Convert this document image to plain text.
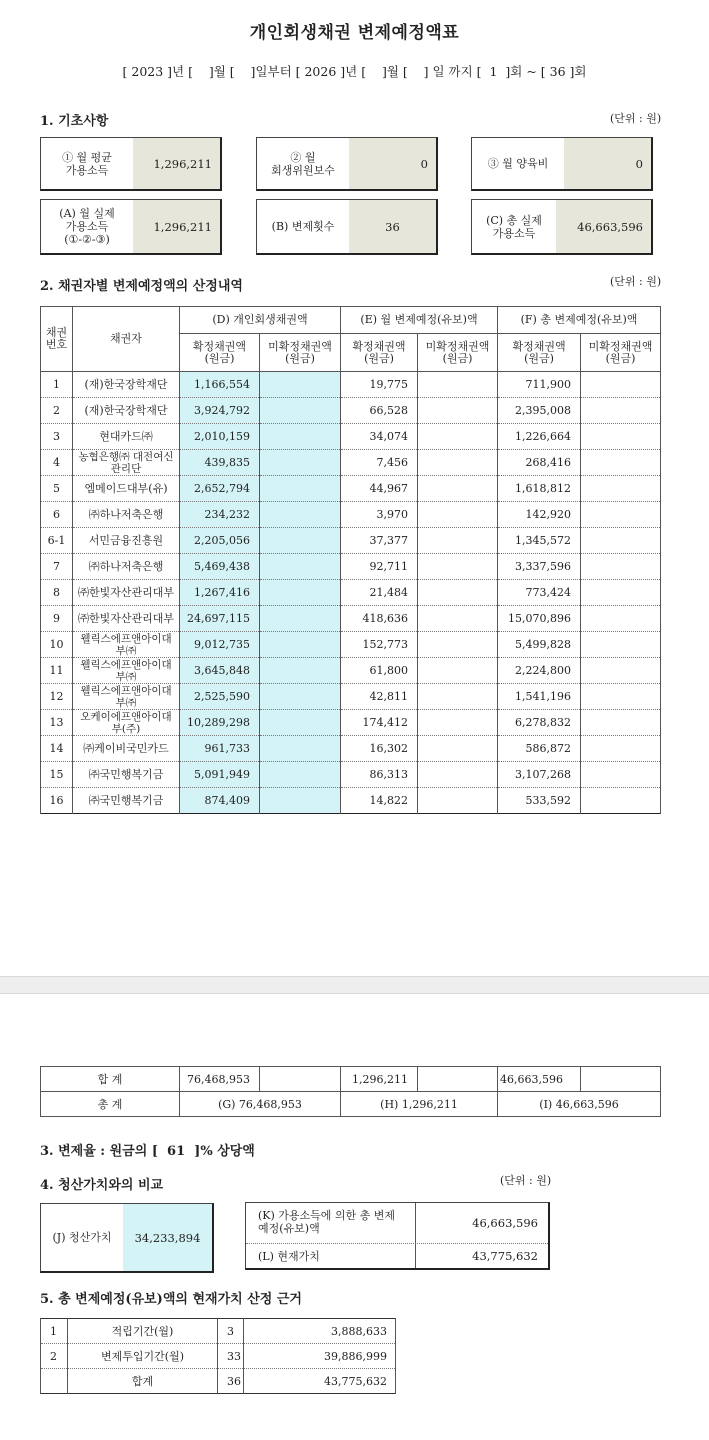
개인회생채권 변제예정액표
[ 2023 ]년 [    ]월 [    ]일부터 [ 2026 ]년 [    ]월 [    ] 일 까지 [  1  ]회 ~ [ 36 ]회
1. 기초사항	(단위 : 원)
① 월 평균
가용소득	1,296,211	② 월
회생위원보수	0	③ 월 양육비	0
(A) 월 실제
가용소득
(①-②-③)
1,296,211	(B) 변제횟수	36	(C) 총 실제
가용소득	46,663,596
2. 채권자별 변제예정액의 산정내역	(단위 : 원)
채권
번호	채권자	(D) 개인회생채권액		(E) 월 변제예정(유보)액		(F) 총 변제예정(유보)액	
		확정채권액
(원금)	미확정채권액
(원금)	확정채권액
(원금)	미확정채권액
(원금)	확정채권액
(원금)	미확정채권액
(원금)
1	(재)한국장학재단	1,166,554		19,775		711,900	
2	(재)한국장학재단	3,924,792		66,528		2,395,008	
3	현대카드㈜	2,010,159		34,074		1,226,664	
4	농협은행㈜ 대전여신
관리단	439,835		7,456		268,416	
5	엠메이드대부(유)	2,652,794		44,967		1,618,812	
6	㈜하나저축은행	234,232		3,970		142,920	
6-1	서민금융진흥원	2,205,056		37,377		1,345,572	
7	㈜하나저축은행	5,469,438		92,711		3,337,596	
8	㈜한빛자산관리대부	1,267,416		21,484		773,424	
9	㈜한빛자산관리대부	24,697,115		418,636		15,070,896	
10	웰릭스에프앤아이대
부㈜	9,012,735		152,773		5,499,828	
11	웰릭스에프앤아이대
부㈜	3,645,848		61,800		2,224,800	
12	웰릭스에프앤아이대
부㈜	2,525,590		42,811		1,541,196	
13	오케이에프앤아이대
부(주)	10,289,298		174,412		6,278,832	
14	㈜케이비국민카드	961,733		16,302		586,872	
15	㈜국민행복기금	5,091,949		86,313		3,107,268	
16	㈜국민행복기금	874,409		14,822		533,592	
합 계	76,468,953		1,296,211		46,663,596	
총 계	(G) 76,468,953		(H) 1,296,211		(I) 46,663,596	
3. 변제율 : 원금의 [  61  ]% 상당액
4. 청산가치와의 비교	(단위 : 원)
(J) 청산가치	34,233,894
(K) 가용소득에 의한 총 변제
예정(유보)액	46,663,596
(L) 현재가치	43,775,632
5. 총 변제예정(유보)액의 현재가치 산정 근거
1	적립기간(월)	3	3,888,633
2	변제투입기간(월)	33	39,886,999
	합계	36	43,775,632
